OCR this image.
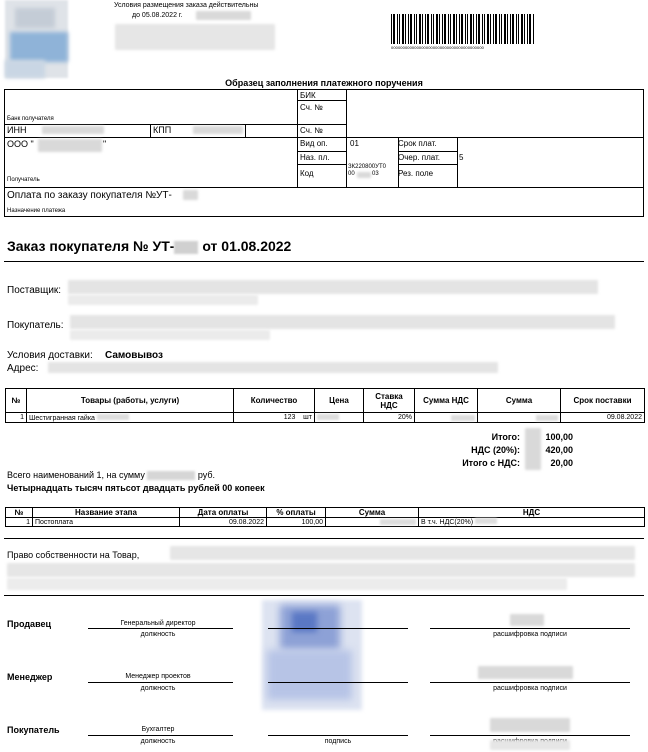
Условия размещения заказа действительны
до 05.08.2022 г.
0000000000000000000000000000000000000000
Образец заполнения платежного поручения
БИК
Сч. №
Банк получателя
ИНН	КПП	Сч. №
ООО "	"
Получатель
Вид оп.	01
Наз. пл.
Код
ЗК220800УТ0
00	03
Срок плат.
Очер. плат. 5
Рез. поле
Оплата по заказу покупателя №УТ-
Назначение платежа
Заказ покупателя № УТ- от 01.08.2022
Поставщик:
Покупатель:
Условия доставки: Самовывоз
Адрес:
№	Товары (работы, услуги)	Количество	Цена	Ставка НДС	Сумма НДС	Сумма	Срок поставки
1	Шестигранная гайка	123 шт		20%			09.08.2022
Итого:	100,00
НДС (20%):	420,00
Итого с НДС:	20,00
Всего наименований 1, на сумму	руб.
Четырнадцать тысяч пятьсот двадцать рублей 00 копеек
№	Название этапа	Дата оплаты	% оплаты	Сумма	НДС
1	Постоплата	09.08.2022	100,00		В т.ч. НДС(20%)
Право собственности на Товар,
Продавец	Генеральный директор
должность	расшифровка подписи
Менеджер	Менеджер проектов
должность	расшифровка подписи
Покупатель	Бухгалтер
должность	подпись
